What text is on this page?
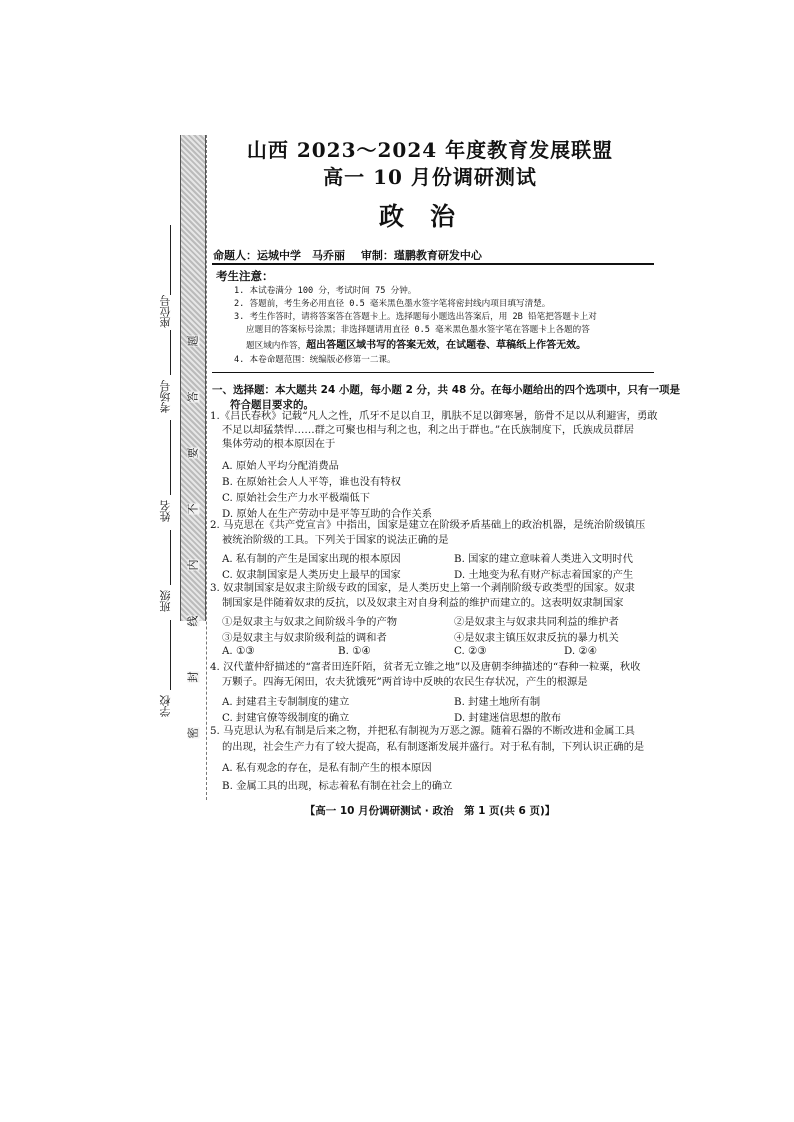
座位号
考场号
姓名
班级
学校
题
答
要
不
内
线
封
密
山西 2023～2024 年度教育发展联盟
高一 10 月份调研测试
政治
命题人：运城中学　马乔丽 审制：瑾鹏教育研发中心
考生注意：
1. 本试卷满分 100 分，考试时间 75 分钟。
2. 答题前，考生务必用直径 0.5 毫米黑色墨水签字笔将密封线内项目填写清楚。
3. 考生作答时，请将答案答在答题卡上。选择题每小题选出答案后，用 2B 铅笔把答题卡上对
应题目的答案标号涂黑；非选择题请用直径 0.5 毫米黑色墨水签字笔在答题卡上各题的答
题区域内作答，超出答题区域书写的答案无效，在试题卷、草稿纸上作答无效。
4. 本卷命题范围：统编版必修第一二课。
一、选择题：本大题共 24 小题，每小题 2 分，共 48 分。在每小题给出的四个选项中，只有一项是
符合题目要求的。
1.《吕氏春秋》记载“凡人之性，爪牙不足以自卫，肌肤不足以御寒暑，筋骨不足以从利避害，勇敢
不足以却猛禁悍……群之可聚也相与利之也，利之出于群也。”在氏族制度下，氏族成员群居
集体劳动的根本原因在于
A. 原始人平均分配消费品
B. 在原始社会人人平等，谁也没有特权
C. 原始社会生产力水平极端低下
D. 原始人在生产劳动中是平等互助的合作关系
2. 马克思在《共产党宣言》中指出，国家是建立在阶级矛盾基础上的政治机器，是统治阶级镇压
被统治阶级的工具。下列关于国家的说法正确的是
A. 私有制的产生是国家出现的根本原因	B. 国家的建立意味着人类进入文明时代
C. 奴隶制国家是人类历史上最早的国家	D. 土地变为私有财产标志着国家的产生
3. 奴隶制国家是奴隶主阶级专政的国家，是人类历史上第一个剥削阶级专政类型的国家。奴隶
制国家是伴随着奴隶的反抗，以及奴隶主对自身利益的维护而建立的。这表明奴隶制国家
①是奴隶主与奴隶之间阶级斗争的产物	②是奴隶主与奴隶共同利益的维护者
③是奴隶主与奴隶阶级利益的调和者	④是奴隶主镇压奴隶反抗的暴力机关
A. ①③	B. ①④	C. ②③	D. ②④
4. 汉代董仲舒描述的“富者田连阡陌，贫者无立锥之地”以及唐朝李绅描述的“春种一粒粟，秋收
万颗子。四海无闲田，农夫犹饿死”两首诗中反映的农民生存状况，产生的根源是
A. 封建君主专制制度的建立	B. 封建土地所有制
C. 封建官僚等级制度的确立	D. 封建迷信思想的散布
5. 马克思认为私有制是后来之物，并把私有制视为万恶之源。随着石器的不断改进和金属工具
的出现，社会生产力有了较大提高，私有制逐渐发展并盛行。对于私有制，下列认识正确的是
A. 私有观念的存在，是私有制产生的根本原因
B. 金属工具的出现，标志着私有制在社会上的确立
【高一 10 月份调研测试 · 政治　第 1 页(共 6 页)】
